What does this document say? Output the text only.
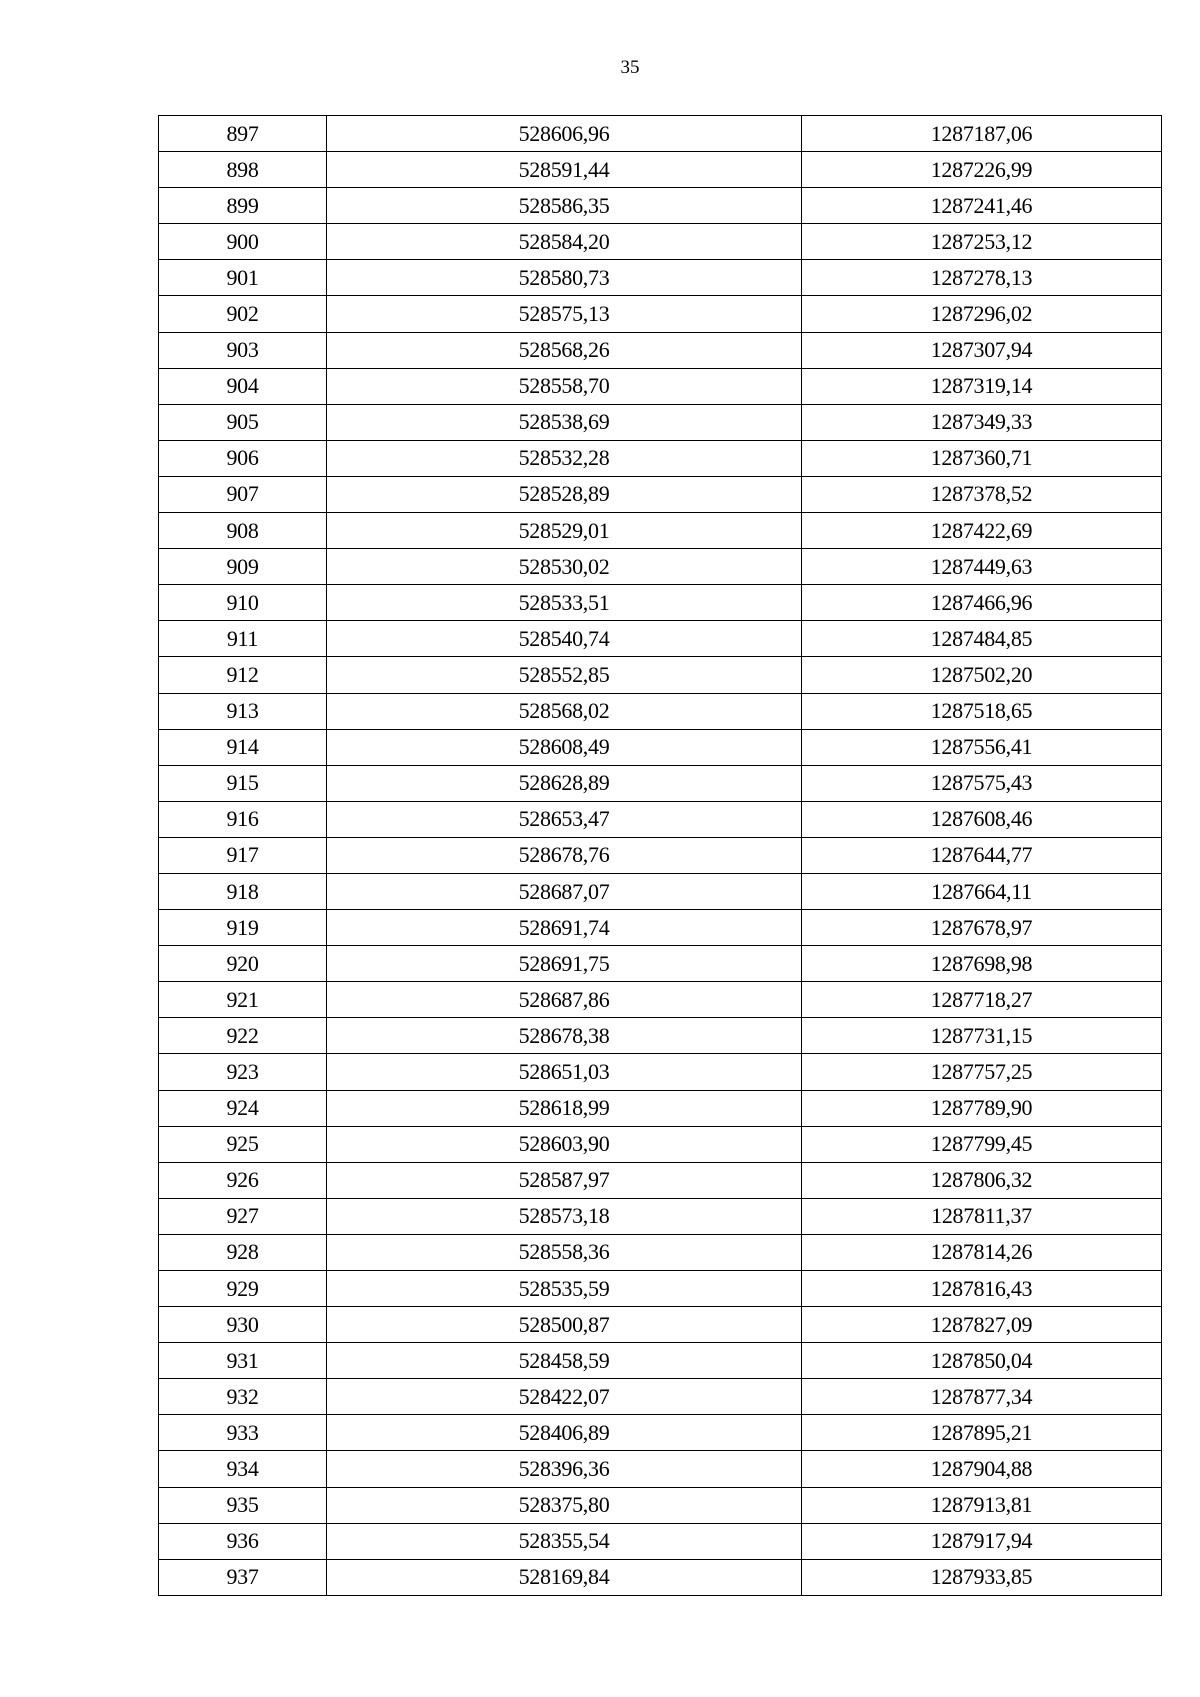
35
897	528606,96	1287187,06
898	528591,44	1287226,99
899	528586,35	1287241,46
900	528584,20	1287253,12
901	528580,73	1287278,13
902	528575,13	1287296,02
903	528568,26	1287307,94
904	528558,70	1287319,14
905	528538,69	1287349,33
906	528532,28	1287360,71
907	528528,89	1287378,52
908	528529,01	1287422,69
909	528530,02	1287449,63
910	528533,51	1287466,96
911	528540,74	1287484,85
912	528552,85	1287502,20
913	528568,02	1287518,65
914	528608,49	1287556,41
915	528628,89	1287575,43
916	528653,47	1287608,46
917	528678,76	1287644,77
918	528687,07	1287664,11
919	528691,74	1287678,97
920	528691,75	1287698,98
921	528687,86	1287718,27
922	528678,38	1287731,15
923	528651,03	1287757,25
924	528618,99	1287789,90
925	528603,90	1287799,45
926	528587,97	1287806,32
927	528573,18	1287811,37
928	528558,36	1287814,26
929	528535,59	1287816,43
930	528500,87	1287827,09
931	528458,59	1287850,04
932	528422,07	1287877,34
933	528406,89	1287895,21
934	528396,36	1287904,88
935	528375,80	1287913,81
936	528355,54	1287917,94
937	528169,84	1287933,85
